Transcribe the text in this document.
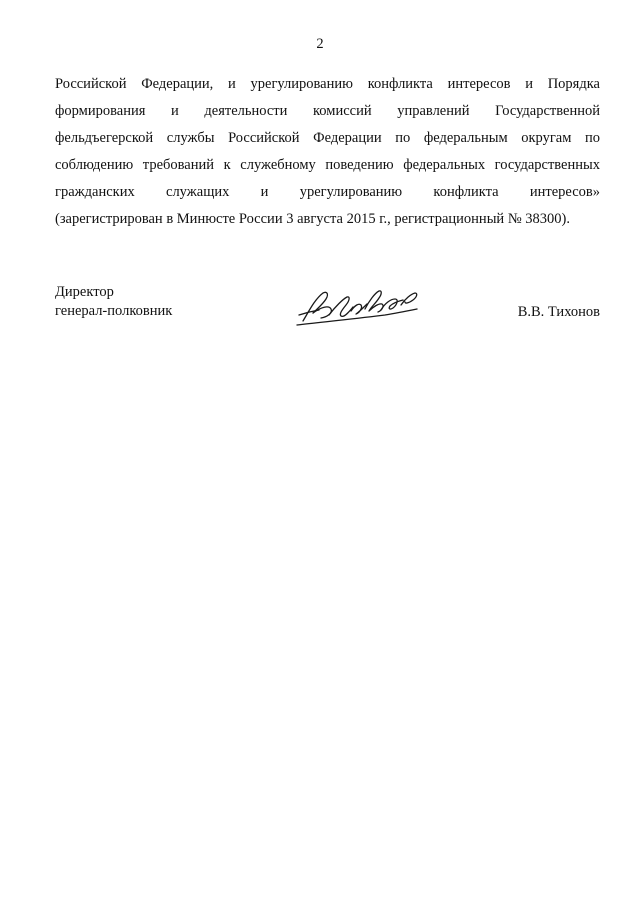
2
Российской Федерации, и урегулированию конфликта интересов и Порядка
формирования и деятельности комиссий управлений Государственной
фельдъегерской службы Российской Федерации по федеральным округам по
соблюдению требований к служебному поведению федеральных государственных
гражданских служащих и урегулированию конфликта интересов»
(зарегистрирован в Минюсте России 3 августа 2015 г., регистрационный № 38300).
Директор
генерал-полковник	В.В. Тихонов
